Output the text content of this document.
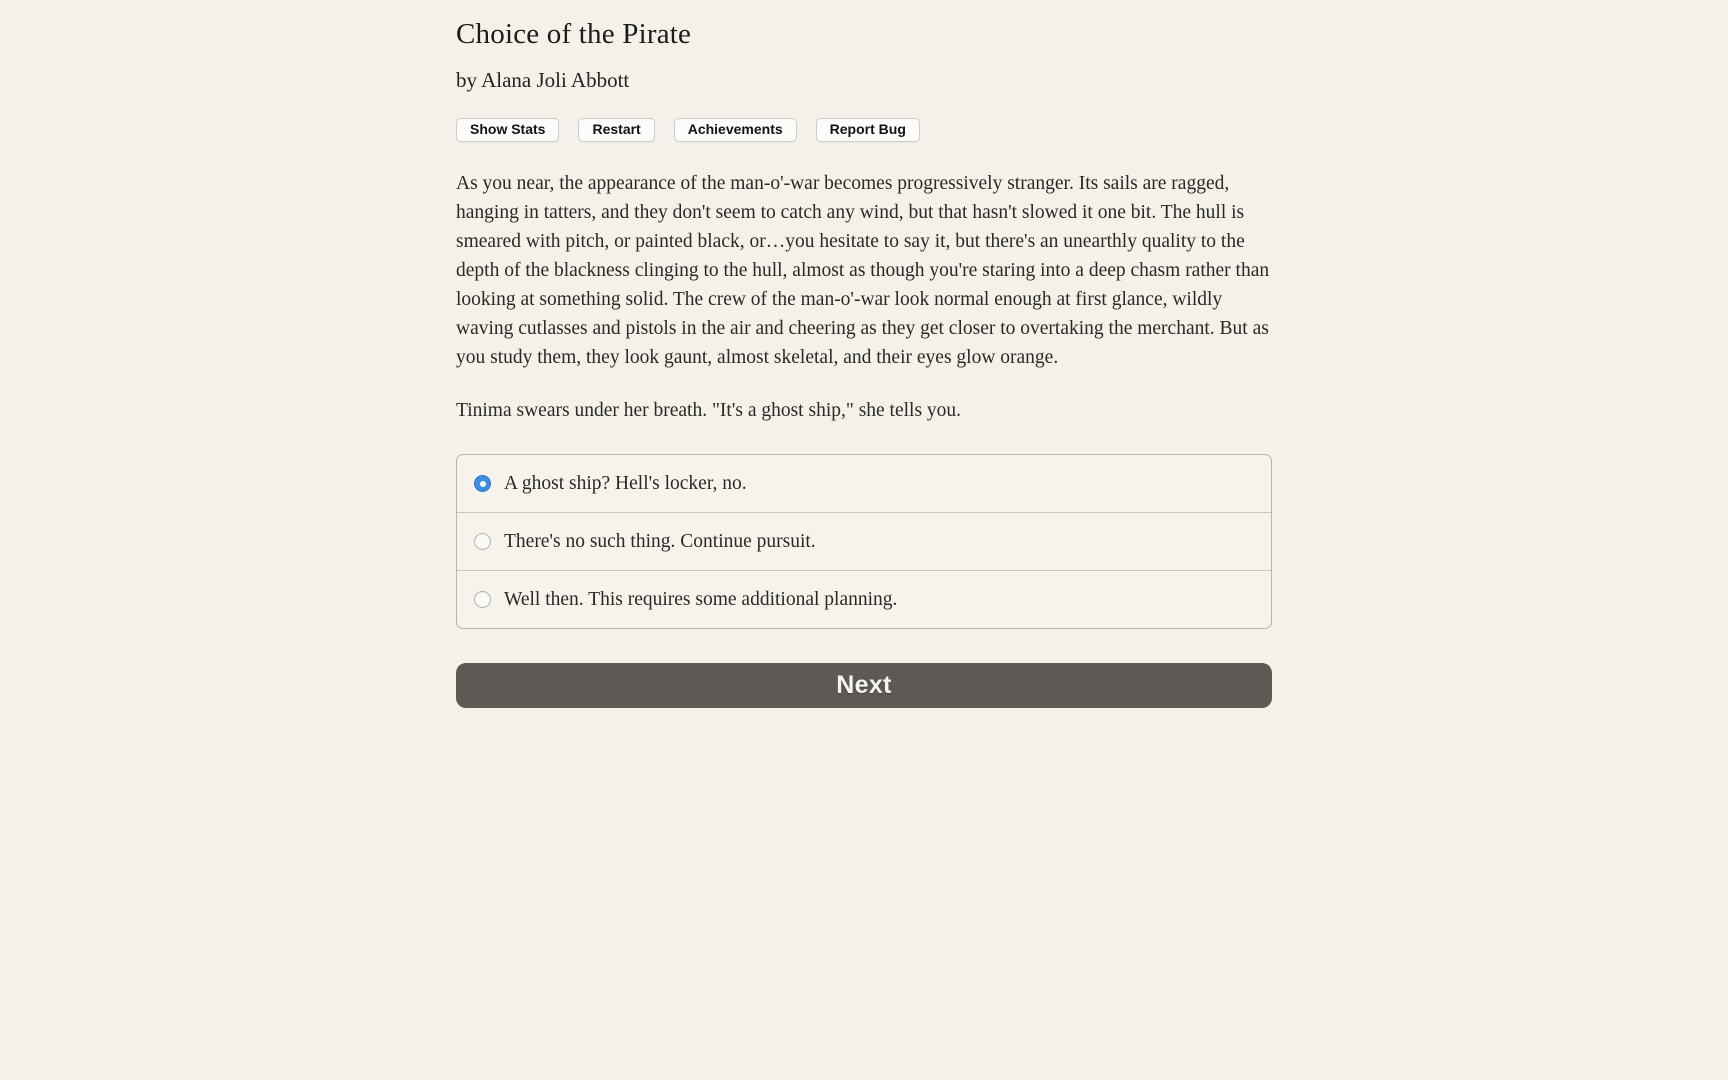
Choice of the Pirate
by Alana Joli Abbott
Show Stats	Restart	Achievements	Report Bug

As you near, the appearance of the man-o'-war becomes progressively stranger. Its sails are ragged, hanging in tatters, and they don't seem to catch any wind, but that hasn't slowed it one bit. The hull is smeared with pitch, or painted black, or…you hesitate to say it, but there's an unearthly quality to the depth of the blackness clinging to the hull, almost as though you're staring into a deep chasm rather than looking at something solid. The crew of the man-o'-war look normal enough at first glance, wildly waving cutlasses and pistols in the air and cheering as they get closer to overtaking the merchant. But as you study them, they look gaunt, almost skeletal, and their eyes glow orange.

Tinima swears under her breath. "It's a ghost ship," she tells you.

A ghost ship? Hell's locker, no.
There's no such thing. Continue pursuit.
Well then. This requires some additional planning.
Next
